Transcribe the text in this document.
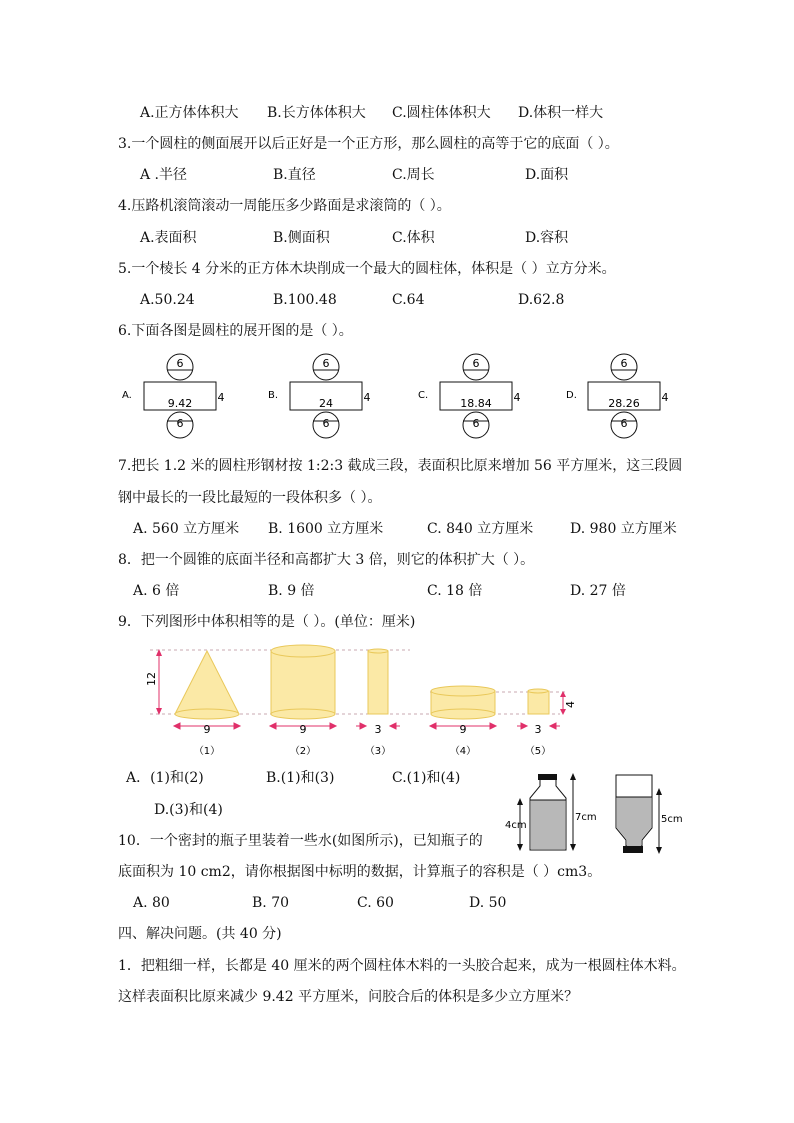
A.正方体体积大 B.长方体体积大 C.圆柱体体积大 D.体积一样大
3.一个圆柱的侧面展开以后正好是一个正方形，那么圆柱的高等于它的底面（ ）。
A .半径	B.直径	C.周长	D.面积
4.压路机滚筒滚动一周能压多少路面是求滚筒的（ ）。
A.表面积	B.侧面积	C.体积	D.容积
5.一个棱长 4 分米的正方体木块削成一个最大的圆柱体，体积是（ ）立方分米。
A.50.24	B.100.48	C.64	D.62.8
6.下面各图是圆柱的展开图的是（ ）。
7.把长 1.2 米的圆柱形钢材按 1:2:3 截成三段，表面积比原来增加 56 平方厘米，这三段圆
钢中最长的一段比最短的一段体积多（ ）。
A. 560 立方厘米 B. 1600 立方厘米	C. 840 立方厘米	D. 980 立方厘米
8．把一个圆锥的底面半径和高都扩大 3 倍，则它的体积扩大（ ）。
A. 6 倍	B. 9 倍	C. 18 倍	D. 27 倍
9．下列图形中体积相等的是（ ）。(单位：厘米)
A．(1)和(2)	B.(1)和(3)	C.(1)和(4)
D.(3)和(4)
10．一个密封的瓶子里装着一些水(如图所示)，已知瓶子的
底面积为 10 cm2，请你根据图中标明的数据，计算瓶子的容积是（ ）cm3。
A. 80	B. 70	C. 60	D. 50
四、解决问题。(共 40 分)
1．把粗细一样，长都是 40 厘米的两个圆柱体木料的一头胶合起来，成为一根圆柱体木料。
这样表面积比原来减少 9.42 平方厘米，问胶合后的体积是多少立方厘米？
6
9.42
6
4
A.
6
24
6
4
B.
6
18.84
6
4
C.
6
28.26
6
4
D.
12
4
9	9	3	9	3
（1）	（2）	（3）	（4）	（5）
4cm
7cm	5cm
